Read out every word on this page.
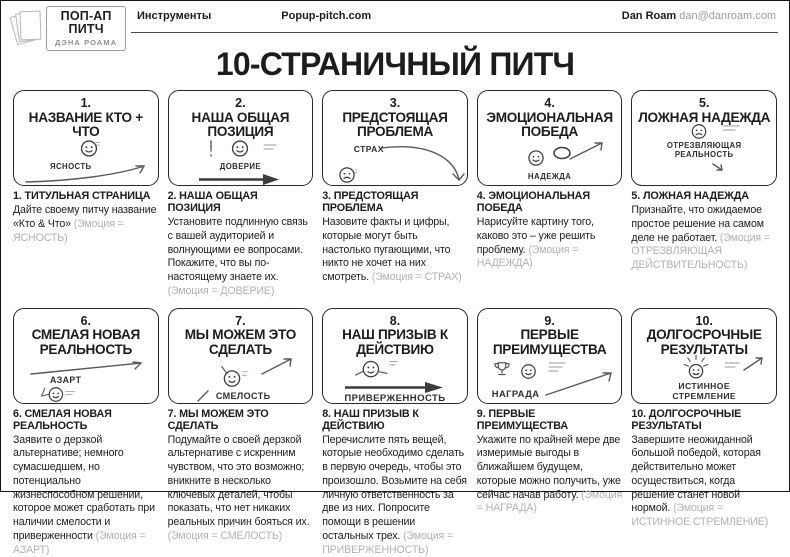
ПОП-АП
ПИТЧ
ДЭНА РОАМА
Инструменты	Popup-pitch.com	Dan Roam dan@danroam.com
10-СТРАНИЧНЫЙ ПИТЧ
1.
НАЗВАНИЕ КТО + ЧТО
ЯСНОСТЬ
1. ТИТУЛЬНАЯ СТРАНИЦА

Дайте своему питчу название «Кто & Что» (Эмоция = ЯСНОСТЬ)

2.
НАША ОБЩАЯ ПОЗИЦИЯ
ДОВЕРИЕ
2. НАША ОБЩАЯ ПОЗИЦИЯ

Установите подлинную связь с вашей аудиторией и волнующими ее вопросами. Покажите, что вы по-настоящему знаете их. (Эмоция = ДОВЕРИЕ)

3.
ПРЕДСТОЯЩАЯ ПРОБЛЕМА
СТРАХ
3. ПРЕДСТОЯЩАЯ ПРОБЛЕМА

Назовите факты и цифры, которые могут быть настолько пугающими, что никто не хочет на них смотреть. (Эмоция = СТРАХ)

4.
ЭМОЦИОНАЛЬНАЯ ПОБЕДА
НАДЕЖДА
4. ЭМОЦИОНАЛЬНАЯ ПОБЕДА

Нарисуйте картину того, каково это – уже решить проблему. (Эмоция = НАДЕЖДА)

5.
ЛОЖНАЯ НАДЕЖДА
ОТРЕЗВЛЯЮЩАЯ РЕАЛЬНОСТЬ
5. ЛОЖНАЯ НАДЕЖДА

Признайте, что ожидаемое простое решение на самом деле не работает. (Эмоция = ОТРЕЗВЛЯЮЩАЯ ДЕЙСТВИТЕЛЬНОСТЬ)

6.
СМЕЛАЯ НОВАЯ РЕАЛЬНОСТЬ
АЗАРТ
6. СМЕЛАЯ НОВАЯ РЕАЛЬНОСТЬ

Заявите о дерзкой альтернативе; немного сумасшедшем, но потенциально жизнеспособном решении, которое может сработать при наличии смелости и приверженности (Эмоция = АЗАРТ)

7.
МЫ МОЖЕМ ЭТО СДЕЛАТЬ
СМЕЛОСТЬ
7. МЫ МОЖЕМ ЭТО СДЕЛАТЬ

Подумайте о своей дерзкой альтернативе с искренним чувством, что это возможно; вникните в несколько ключевых деталей, чтобы показать, что нет никаких реальных причин бояться их. (Эмоция = СМЕЛОСТЬ)

8.
НАШ ПРИЗЫВ К ДЕЙСТВИЮ
ПРИВЕРЖЕННОСТЬ
8. НАШ ПРИЗЫВ К ДЕЙСТВИЮ

Перечислите пять вещей, которые необходимо сделать в первую очередь, чтобы это произошло. Возьмите на себя личную ответственность за две из них. Попросите помощи в решении остальных трех. (Эмоция = ПРИВЕРЖЕННОСТЬ)

9.
ПЕРВЫЕ ПРЕИМУЩЕСТВА
НАГРАДА
9. ПЕРВЫЕ ПРЕИМУЩЕСТВА

Укажите по крайней мере две измеримые выгоды в ближайшем будущем, которые можно получить, уже сейчас начав работу. (Эмоция = НАГРАДА)

10.
ДОЛГОСРОЧНЫЕ РЕЗУЛЬТАТЫ
ИСТИННОЕ СТРЕМЛЕНИЕ
10. ДОЛГОСРОЧНЫЕ РЕЗУЛЬТАТЫ

Завершите неожиданной большой победой, которая действительно может осуществиться, когда решение станет новой нормой. (Эмоция = ИСТИННОЕ СТРЕМЛЕНИЕ)
